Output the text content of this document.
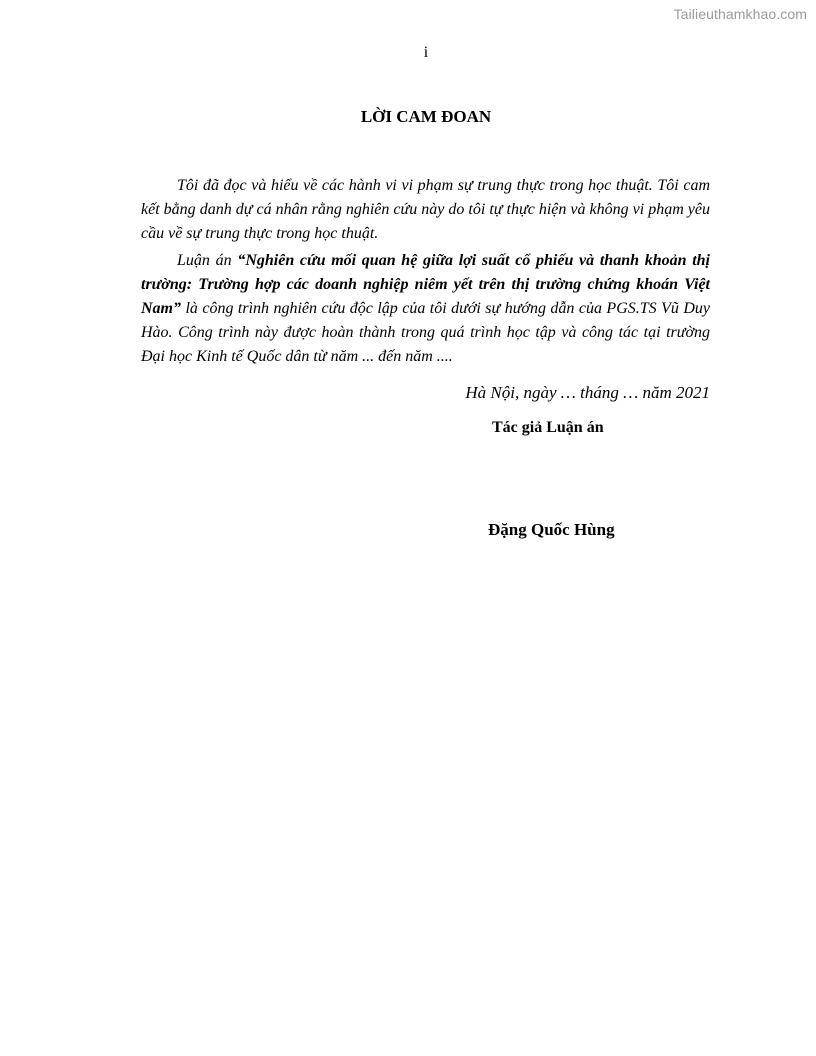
Tailieuthamkhao.com
i
LỜI CAM ĐOAN

Tôi đã đọc và hiểu về các hành vi vi phạm sự trung thực trong học thuật. Tôi cam kết bằng danh dự cá nhân rằng nghiên cứu này do tôi tự thực hiện và không vi phạm yêu cầu về sự trung thực trong học thuật.

Luận án “Nghiên cứu mối quan hệ giữa lợi suất cổ phiếu và thanh khoản thị trường: Trường hợp các doanh nghiệp niêm yết trên thị trường chứng khoán Việt Nam” là công trình nghiên cứu độc lập của tôi dưới sự hướng dẫn của PGS.TS Vũ Duy Hào. Công trình này được hoàn thành trong quá trình học tập và công tác tại trường Đại học Kinh tế Quốc dân từ năm ... đến năm ....

Hà Nội, ngày … tháng … năm 2021
Tác giả Luận án
Đặng Quốc Hùng
